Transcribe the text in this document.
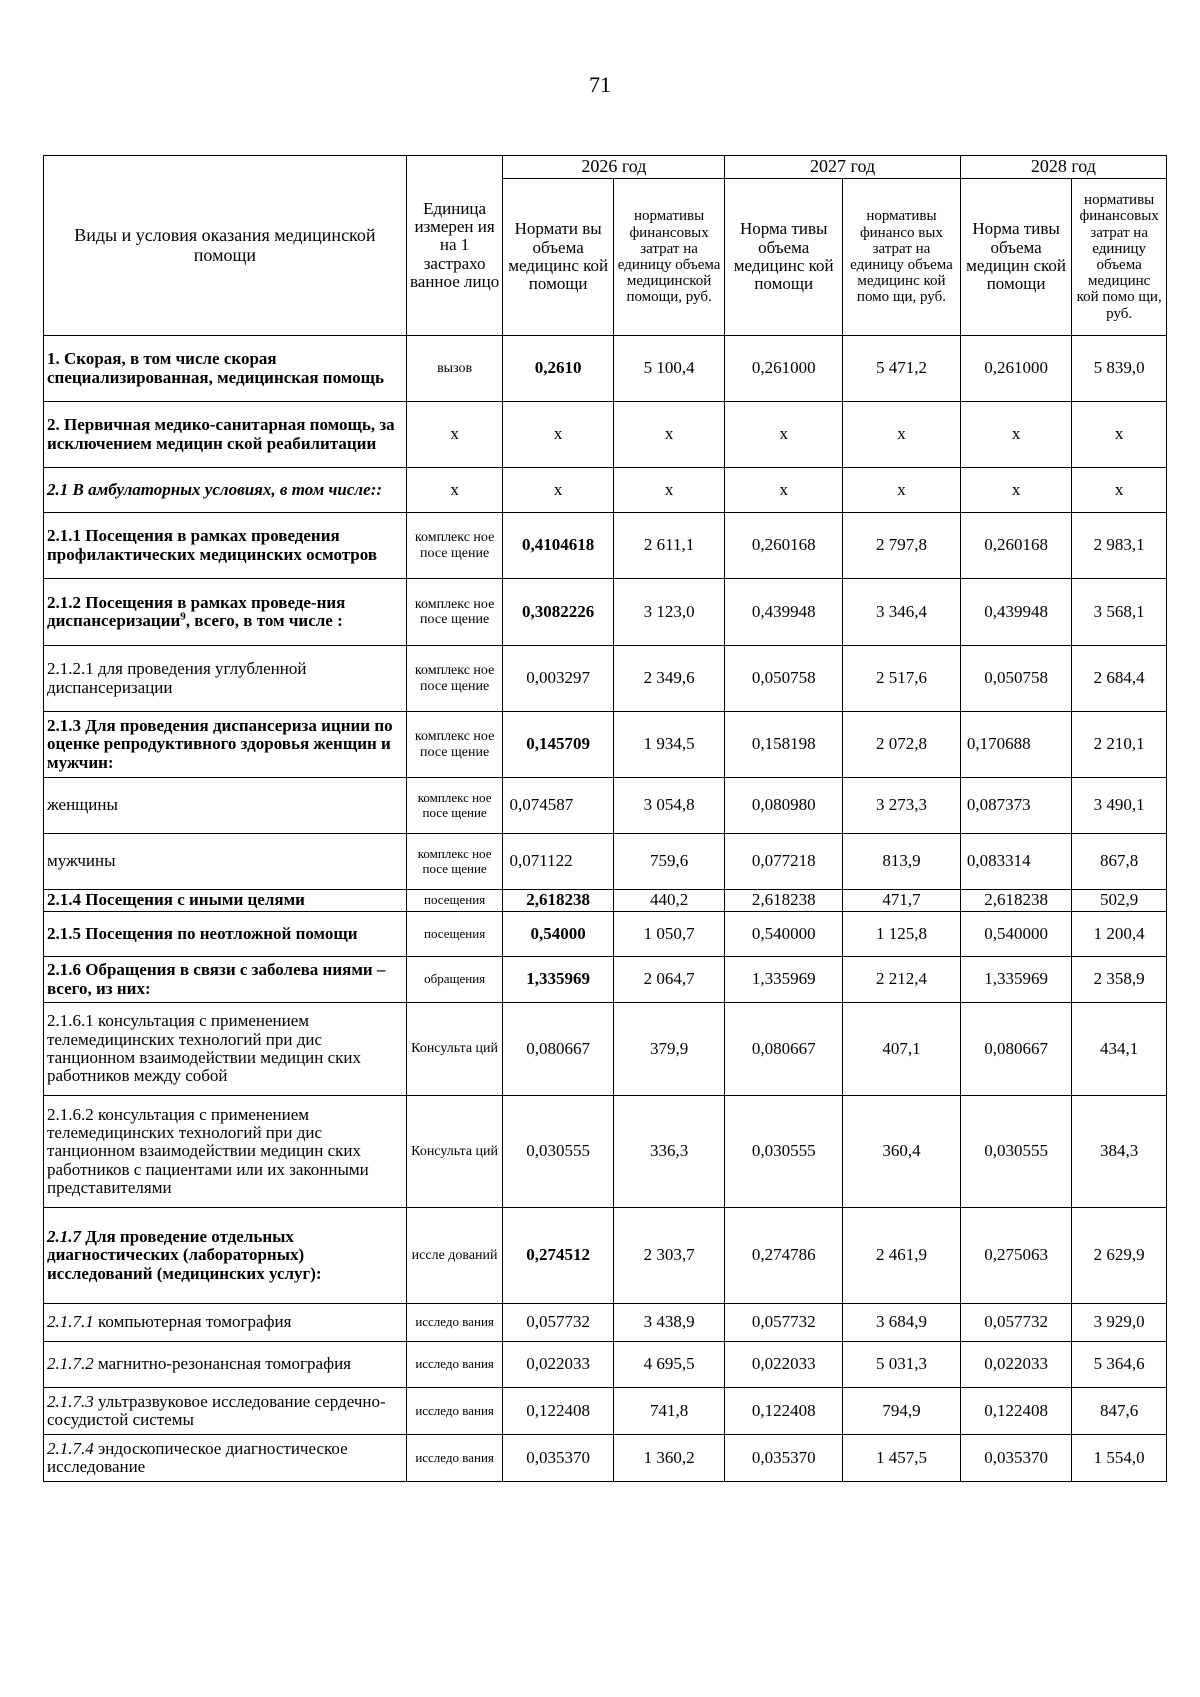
71
Виды и условия оказания медицинской помощи	Единица измерен ия на 1 застрахо ванное лицо	2026 год		2027 год		2028 год	
		Нормати вы объема медицинс кой помощи	нормативы финансовых затрат на единицу объема медицинской помощи, руб.	Норма тивы объема медицинс кой помощи	нормативы финансо вых затрат на единицу объема медицинс кой помо щи, руб.	Норма тивы объема медицин ской помощи	нормативы финансовых затрат на единицу объема медицинс кой помо щи, руб.
1. Скорая, в том числе скорая специализированная, медицинская помощь	вызов	0,2610	5 100,4	0,261000	5 471,2	0,261000	5 839,0
2. Первичная медико-санитарная помощь, за исключением медицин ской реабилитации	х	х	х	х	х	х	х
2.1 В амбулаторных условиях, в том числе::	х	х	х	х	х	х	х
2.1.1 Посещения в рамках проведения профилактических медицинских осмотров	комплекс ное посе щение	0,4104618	2 611,1	0,260168	2 797,8	0,260168	2 983,1
2.1.2 Посещения в рамках проведе-ния диспансеризации$^9$, всего, в том числе :	комплекс ное посе щение	0,3082226	3 123,0	0,439948	3 346,4	0,439948	3 568,1
2.1.2.1 для проведения углубленной диспансеризации	комплекс ное посе щение	0,003297	2 349,6	0,050758	2 517,6	0,050758	2 684,4
2.1.3 Для проведения диспансериза ицнии по оценке репродуктивного здоровья женщин и мужчин:	комплекс ное посе щение	0,145709	1 934,5	0,158198	2 072,8	0,170688	2 210,1
женщины	комплекс ное посе щение	0,074587	3 054,8	0,080980	3 273,3	0,087373	3 490,1
мужчины	комплекс ное посе щение	0,071122	759,6	0,077218	813,9	0,083314	867,8
2.1.4 Посещения с иными целями	посещения	2,618238	440,2	2,618238	471,7	2,618238	502,9
2.1.5 Посещения по неотложной помощи	посещения	0,54000	1 050,7	0,540000	1 125,8	0,540000	1 200,4
2.1.6 Обращения в связи с заболева ниями – всего, из них:	обращения	1,335969	2 064,7	1,335969	2 212,4	1,335969	2 358,9
2.1.6.1 консультация с применением телемедицинских технологий при дис танционном взаимодействии медицин ских работников между собой	Консульта ций	0,080667	379,9	0,080667	407,1	0,080667	434,1
2.1.6.2 консультация с применением телемедицинских технологий при дис танционном взаимодействии медицин ских работников с пациентами или их законными представителями	Консульта ций	0,030555	336,3	0,030555	360,4	0,030555	384,3
2.1.7 Для проведение отдельных диагностических (лабораторных) исследований (медицинских услуг):	иссле дований	0,274512	2 303,7	0,274786	2 461,9	0,275063	2 629,9
2.1.7.1 компьютерная томография	исследо вания	0,057732	3 438,9	0,057732	3 684,9	0,057732	3 929,0
2.1.7.2 магнитно-резонансная томография	исследо вания	0,022033	4 695,5	0,022033	5 031,3	0,022033	5 364,6
2.1.7.3 ультразвуковое исследование сердечно-сосудистой системы	исследо вания	0,122408	741,8	0,122408	794,9	0,122408	847,6
2.1.7.4 эндоскопическое диагностическое исследование	исследо вания	0,035370	1 360,2	0,035370	1 457,5	0,035370	1 554,0
